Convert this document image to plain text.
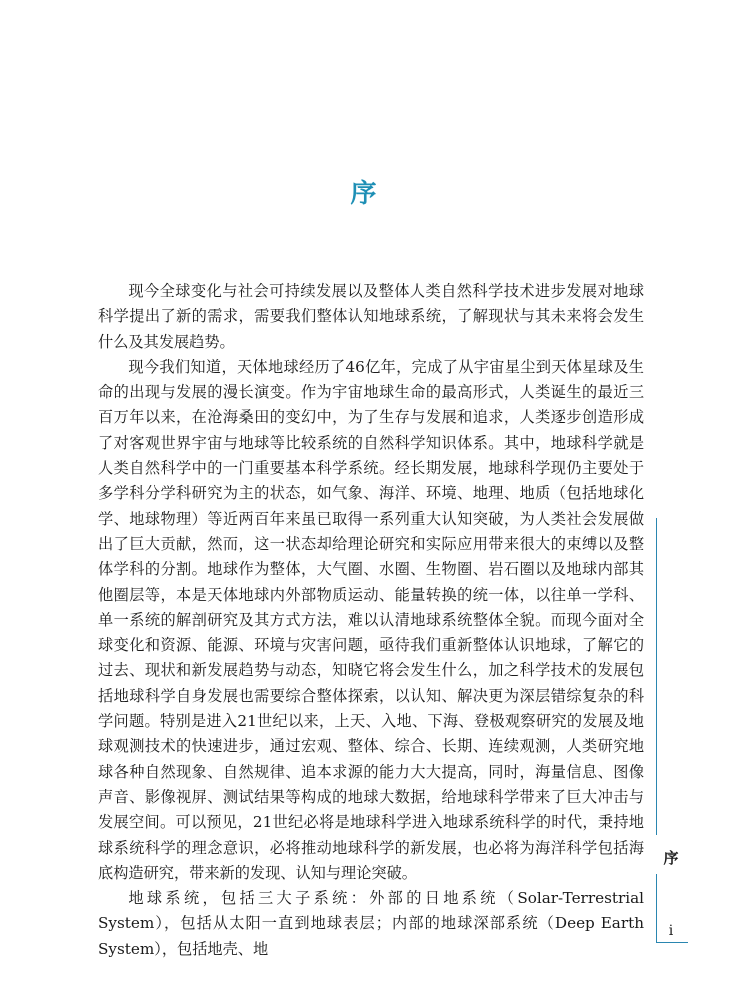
序

现今全球变化与社会可持续发展以及整体人类自然科学技术进步发展对地球科学提出了新的需求，需要我们整体认知地球系统，了解现状与其未来将会发生什么及其发展趋势。

现今我们知道，天体地球经历了46亿年，完成了从宇宙星尘到天体星球及生命的出现与发展的漫长演变。作为宇宙地球生命的最高形式，人类诞生的最近三百万年以来，在沧海桑田的变幻中，为了生存与发展和追求，人类逐步创造形成了对客观世界宇宙与地球等比较系统的自然科学知识体系。其中，地球科学就是人类自然科学中的一门重要基本科学系统。经长期发展，地球科学现仍主要处于多学科分学科研究为主的状态，如气象、海洋、环境、地理、地质（包括地球化学、地球物理）等近两百年来虽已取得一系列重大认知突破，为人类社会发展做出了巨大贡献，然而，这一状态却给理论研究和实际应用带来很大的束缚以及整体学科的分割。地球作为整体，大气圈、水圈、生物圈、岩石圈以及地球内部其他圈层等，本是天体地球内外部物质运动、能量转换的统一体，以往单一学科、单一系统的解剖研究及其方式方法，难以认清地球系统整体全貌。而现今面对全球变化和资源、能源、环境与灾害问题，亟待我们重新整体认识地球，了解它的过去、现状和新发展趋势与动态，知晓它将会发生什么，加之科学技术的发展包括地球科学自身发展也需要综合整体探索，以认知、解决更为深层错综复杂的科学问题。特别是进入21世纪以来，上天、入地、下海、登极观察研究的发展及地球观测技术的快速进步，通过宏观、整体、综合、长期、连续观测，人类研究地球各种自然现象、自然规律、追本求源的能力大大提高，同时，海量信息、图像声音、影像视屏、测试结果等构成的地球大数据，给地球科学带来了巨大冲击与发展空间。可以预见，21世纪必将是地球科学进入地球系统科学的时代，秉持地球系统科学的理念意识，必将推动地球科学的新发展，也必将为海洋科学包括海底构造研究，带来新的发现、认知与理论突破。

地球系统，包括三大子系统：外部的日地系统（Solar-Terrestrial System），包括从太阳一直到地球表层；内部的地球深部系统（Deep Earth System），包括地壳、地

序
i
